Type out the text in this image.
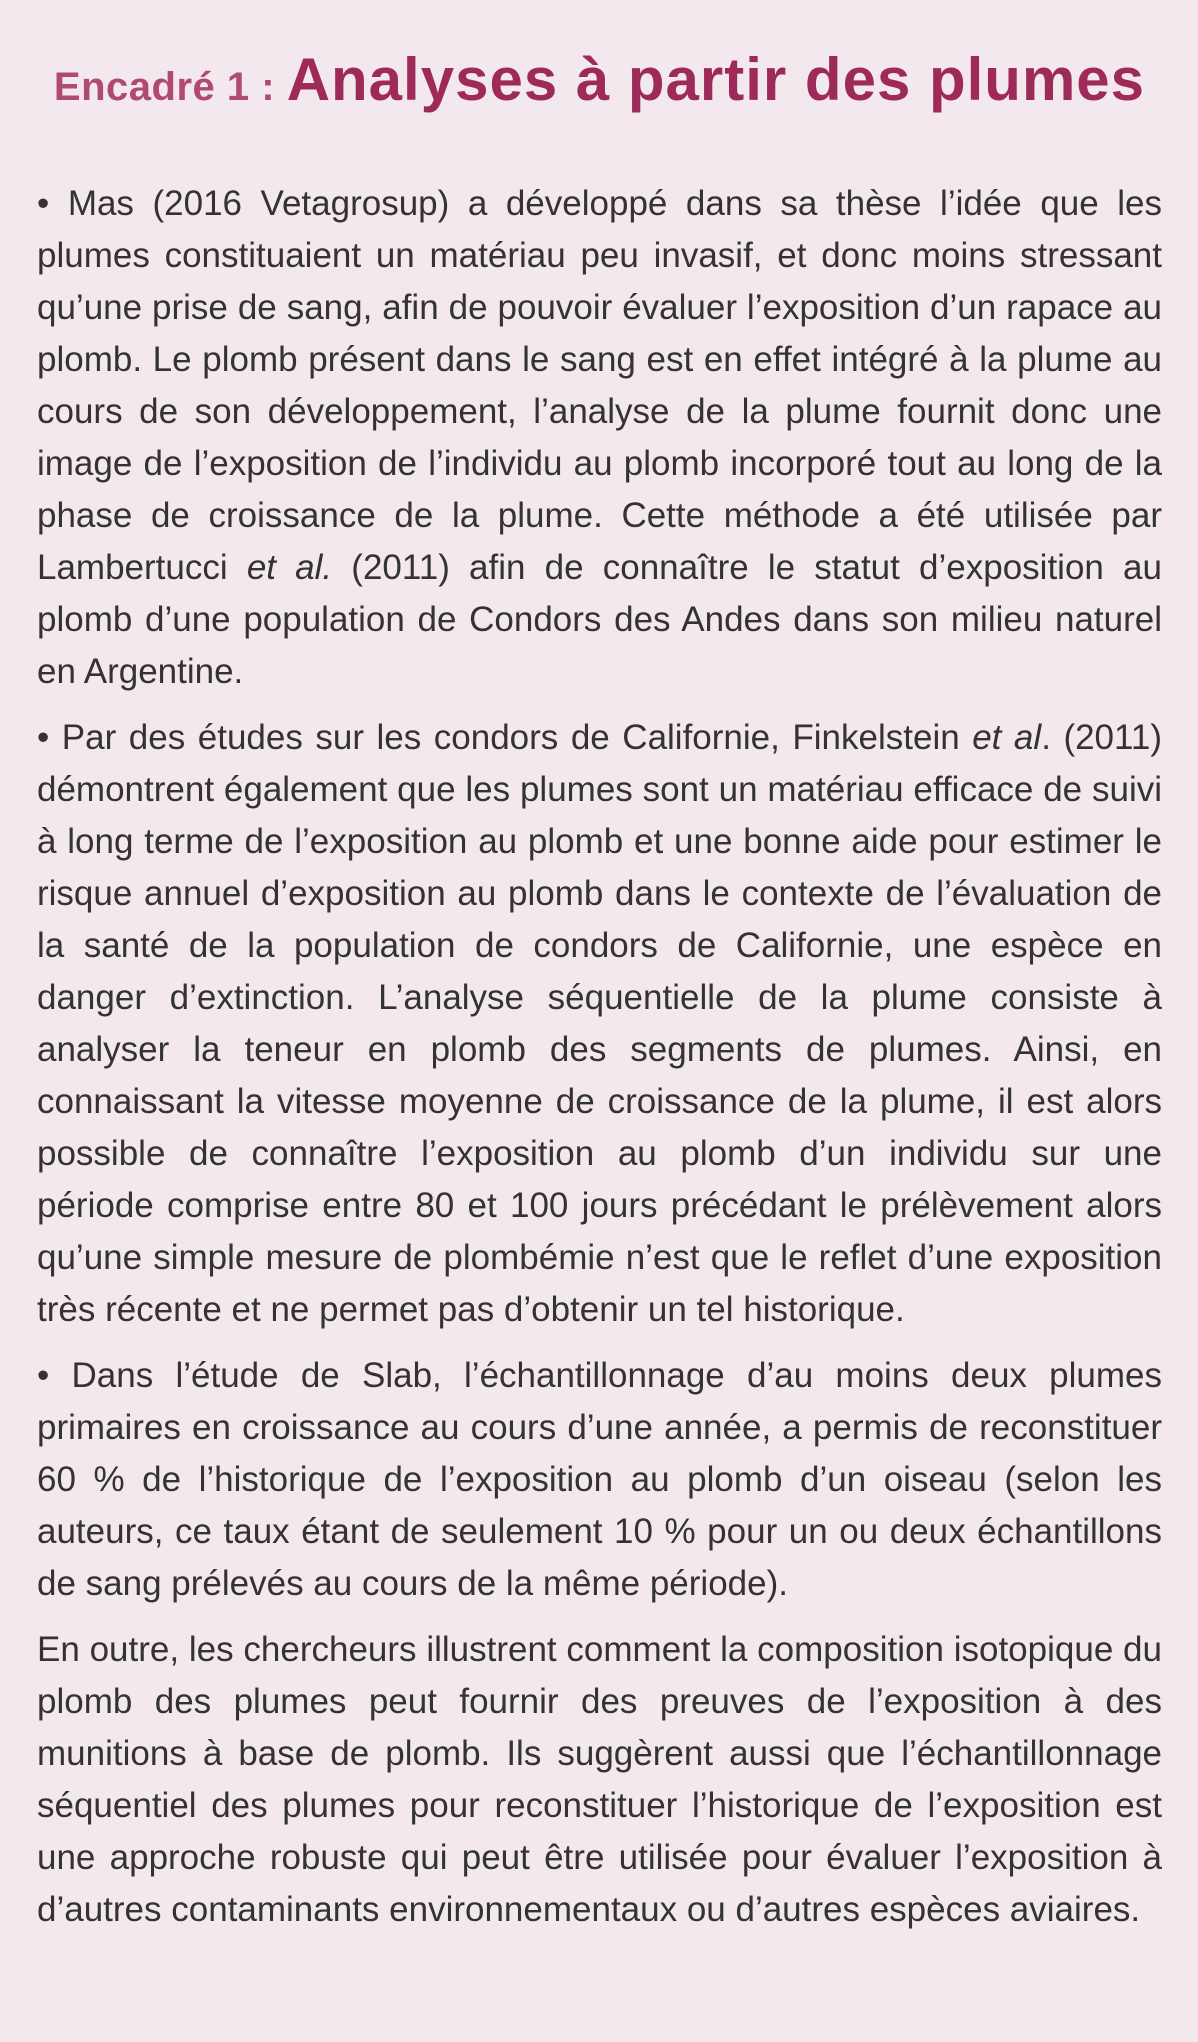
Encadré 1 : Analyses à partir des plumes

• Mas (2016 Vetagrosup) a développé dans sa thèse l’idée que les plumes constituaient un matériau peu invasif, et donc moins stressant qu’une prise de sang, afin de pouvoir évaluer l’exposition d’un rapace au plomb. Le plomb présent dans le sang est en effet intégré à la plume au cours de son développement, l’analyse de la plume fournit donc une image de l’exposition de l’individu au plomb incorporé tout au long de la phase de croissance de la plume. Cette méthode a été utilisée par Lambertucci et al. (2011) afin de connaître le statut d’exposition au plomb d’une population de Condors des Andes dans son milieu naturel en Argentine.

• Par des études sur les condors de Californie, Finkelstein et al. (2011) démontrent également que les plumes sont un matériau efficace de suivi à long terme de l’exposition au plomb et une bonne aide pour estimer le risque annuel d’exposition au plomb dans le contexte de l’évaluation de la santé de la population de condors de Californie, une espèce en danger d’extinction. L’analyse séquentielle de la plume consiste à analyser la teneur en plomb des segments de plumes. Ainsi, en connaissant la vitesse moyenne de croissance de la plume, il est alors possible de connaître l’exposition au plomb d’un individu sur une période comprise entre 80 et 100 jours précédant le prélèvement alors qu’une simple mesure de plombémie n’est que le reflet d’une exposition très récente et ne permet pas d’obtenir un tel historique.

• Dans l’étude de Slab, l’échantillonnage d’au moins deux plumes primaires en croissance au cours d’une année, a permis de reconstituer 60 % de l’historique de l’exposition au plomb d’un oiseau (selon les auteurs, ce taux étant de seulement 10 % pour un ou deux échantillons de sang prélevés au cours de la même période).

En outre, les chercheurs illustrent comment la composition isotopique du plomb des plumes peut fournir des preuves de l’exposition à des munitions à base de plomb. Ils suggèrent aussi que l’échantillonnage séquentiel des plumes pour reconstituer l’historique de l’exposition est une approche robuste qui peut être utilisée pour évaluer l’exposition à d’autres contaminants environnementaux ou d’autres espèces aviaires.
